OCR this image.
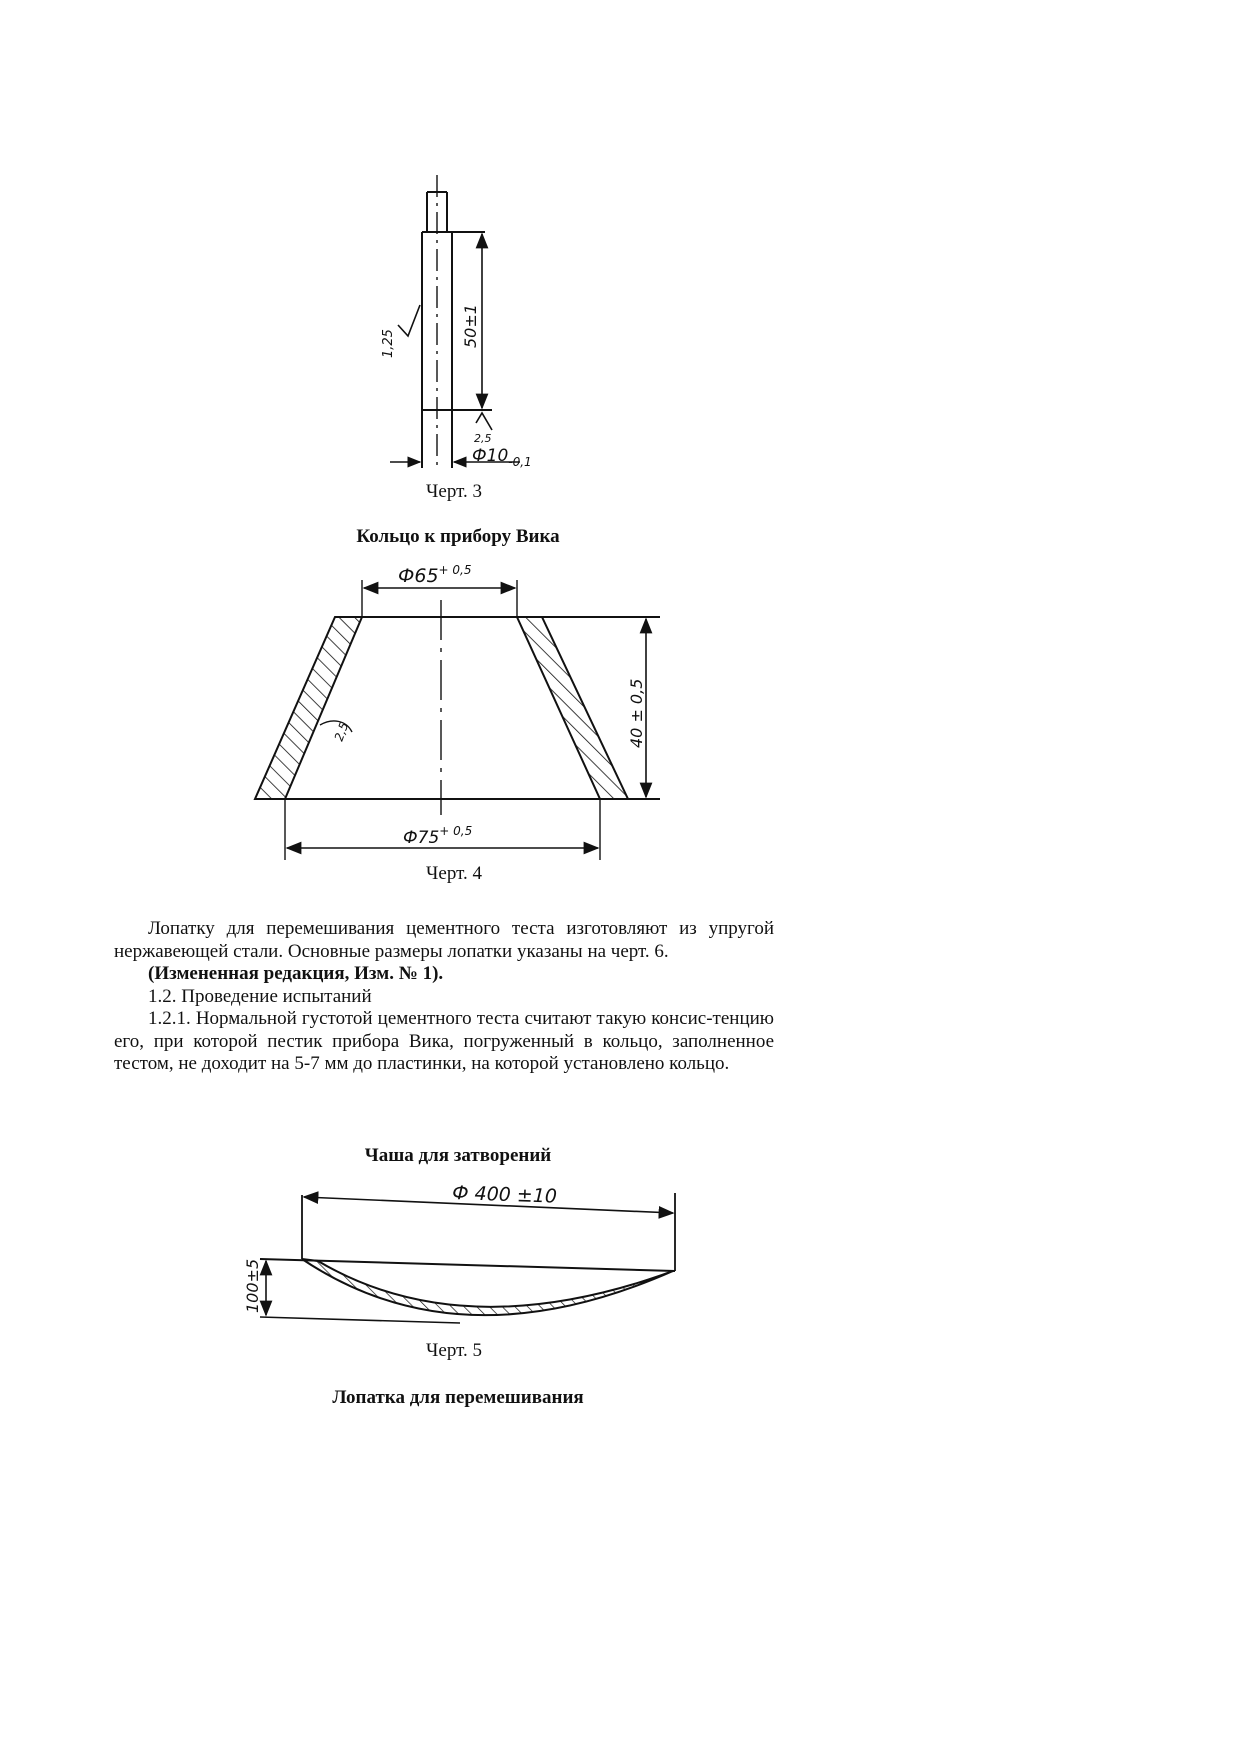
1,25	50±1
2,5
$Ф10_{-0,1}$
Черт. 3
Кольцо к прибору Вика
2,5
$Ф65^{+ 0,5}$
40 ± 0,5
$Ф75^{+ 0,5}$
Черт. 4

Лопатку для перемешивания цементного теста изготовляют из упругой нержавеющей стали. Основные размеры лопатки указаны на черт. 6.

(Измененная редакция, Изм. № 1).

1.2. Проведение испытаний

1.2.1. Нормальной густотой цементного теста считают такую консис-тенцию его, при которой пестик прибора Вика, погруженный в кольцо, заполненное тестом, не доходит на 5-7 мм до пластинки, на которой установлено кольцо.

Чаша для затворений
Ф 400 ±10
100±5
Черт. 5
Лопатка для перемешивания
